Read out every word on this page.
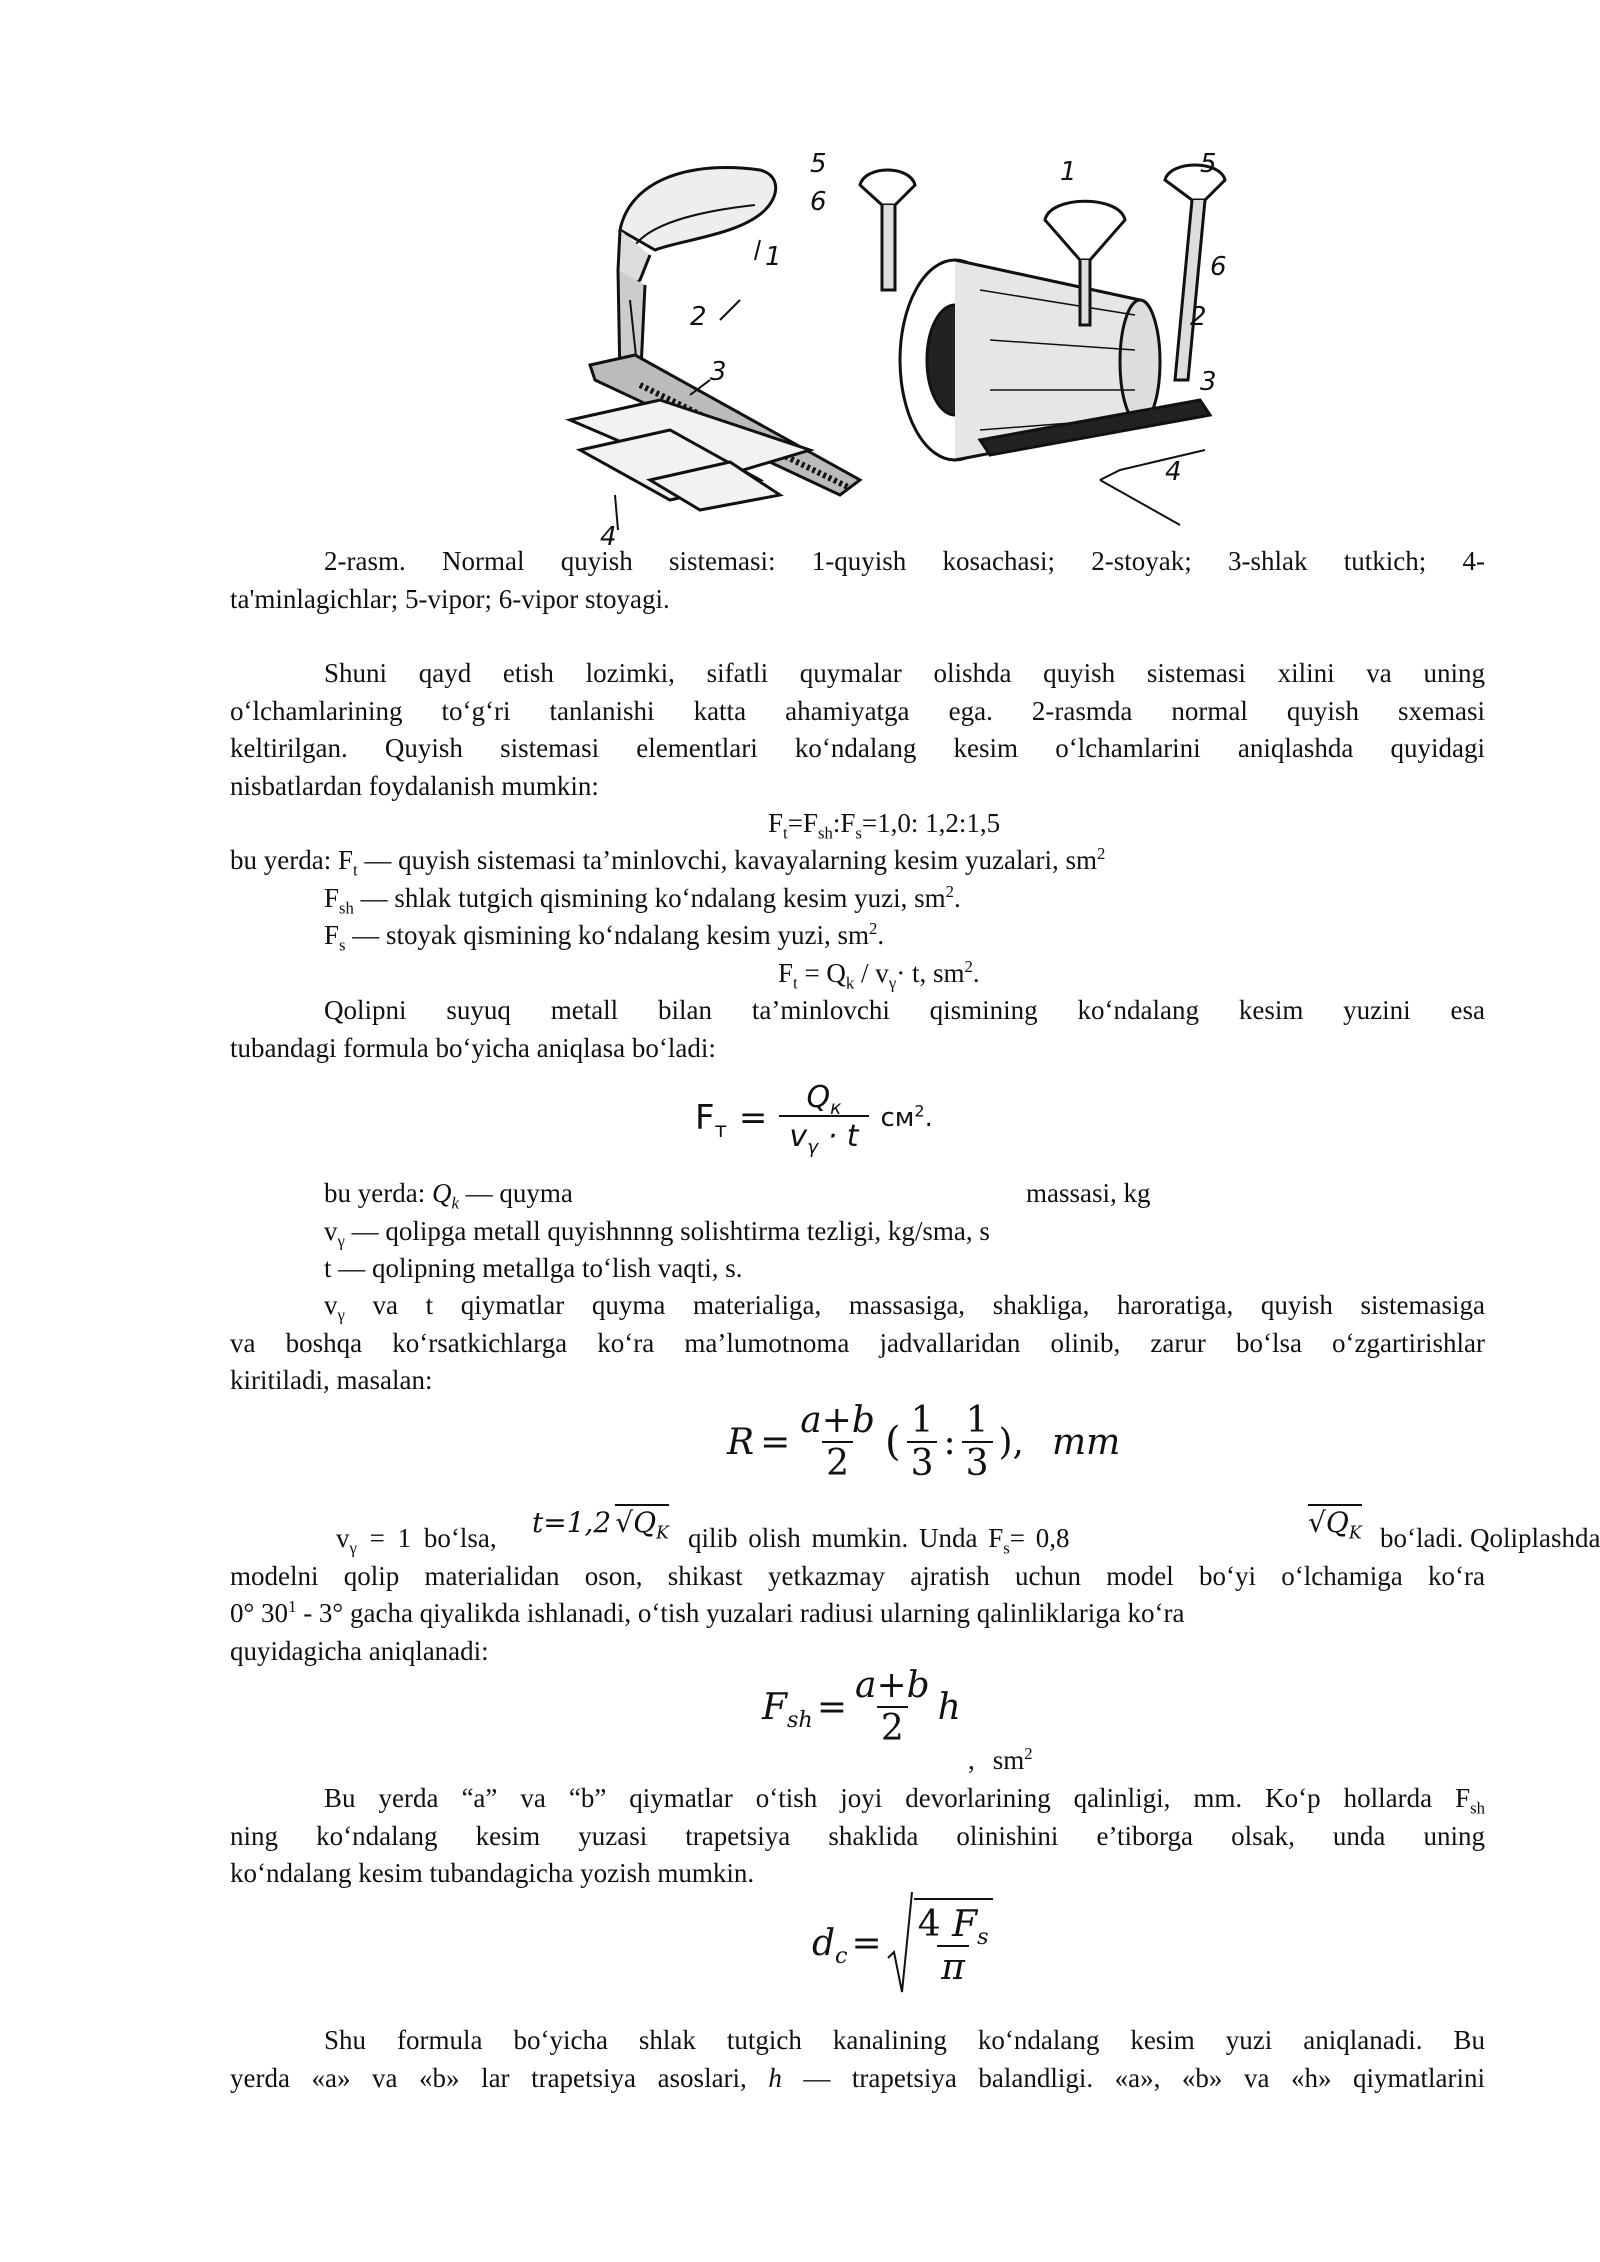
1
2
3
4
5
6
1	5
6
2
3
4
2-rasm. Normal quyish sistemasi: 1-quyish kosachasi; 2-stoyak; 3-shlak tutkich; 4-
ta'minlagichlar; 5-vipor; 6-vipor stoyagi.
Shuni qayd etish lozimki, sifatli quymalar olishda quyish sistemasi xilini va uning
o‘lchamlarining to‘g‘ri tanlanishi katta ahamiyatga ega. 2-rasmda normal quyish sxemasi
keltirilgan. Quyish sistemasi elementlari ko‘ndalang kesim o‘lchamlarini aniqlashda quyidagi
nisbatlardan foydalanish mumkin:
$F_t=F_{sh}:F_s=1,0$: 1,2:1,5
bu yerda: $F_t$ — quyish sistemasi ta’minlovchi, kavayalarning kesim yuzalari, $sm^2$
$F_{sh}$ — shlak tutgich qismining ko‘ndalang kesim yuzi, $sm^2$.
$F_s$ — stoyak qismining ko‘ndalang kesim yuzi, $sm^2$.
$F_t = Q_k / v_\gamma\cdot t$, $sm^2$.
Qolipni suyuq metall bilan ta’minlovchi qismining ko‘ndalang kesim yuzini esa
tubandagi formula bo‘yicha aniqlasa bo‘ladi:
$F_т = \frac{Q_к}{v_\gamma \cdot t} см^2$.
bu yerda: $Q_k$ — quyma	massasi, kg
$v_\gamma$ — qolipga metall quyishnnng solishtirma tezligi, kg/sma, s
t — qolipning metallga to‘lish vaqti, s.
$v_\gamma$ va t qiymatlar quyma materialiga, massasiga, shakliga, haroratiga, quyish sistemasiga
va boshqa ko‘rsatkichlarga ko‘ra ma’lumotnoma jadvallaridan olinib, zarur bo‘lsa o‘zgartirishlar
kiritiladi, masalan:
$R = \frac{a+b}{2}$ ( $\frac{1}{3}$ : $\frac{1}{3}$ ), mm
$v_\gamma = 1$ bo‘lsa, t=1,2 $√Q_K$ qilib olish mumkin. Unda $F_s= 0,8$	$√Q_K$ bo‘ladi. Qoliplashda
modelni qolip materialidan oson, shikast yetkazmay ajratish uchun model bo‘yi o‘lchamiga ko‘ra
0° $30^1 - 3^\circ$ gacha qiyalikda ishlanadi, o‘tish yuzalari radiusi ularning qalinliklariga ko‘ra
quyidagicha aniqlanadi:
$F_{sh} = \frac{a+b}{2}$ h
, $sm^2$
Bu yerda “a” va “b” qiymatlar o‘tish joyi devorlarining qalinligi, mm. Ko‘p hollarda $F_{sh}$
ning ko‘ndalang kesim yuzasi trapetsiya shaklida olinishini e’tiborga olsak, unda uning
ko‘ndalang kesim tubandagicha yozish mumkin.
$d_c = \frac{4 F_s}{\pi}$
Shu formula bo‘yicha shlak tutgich kanalining ko‘ndalang kesim yuzi aniqlanadi. Bu
yerda «a» va «b» lar trapetsiya asoslari, h — trapetsiya balandligi. «a», «b» va «h» qiymatlarini
